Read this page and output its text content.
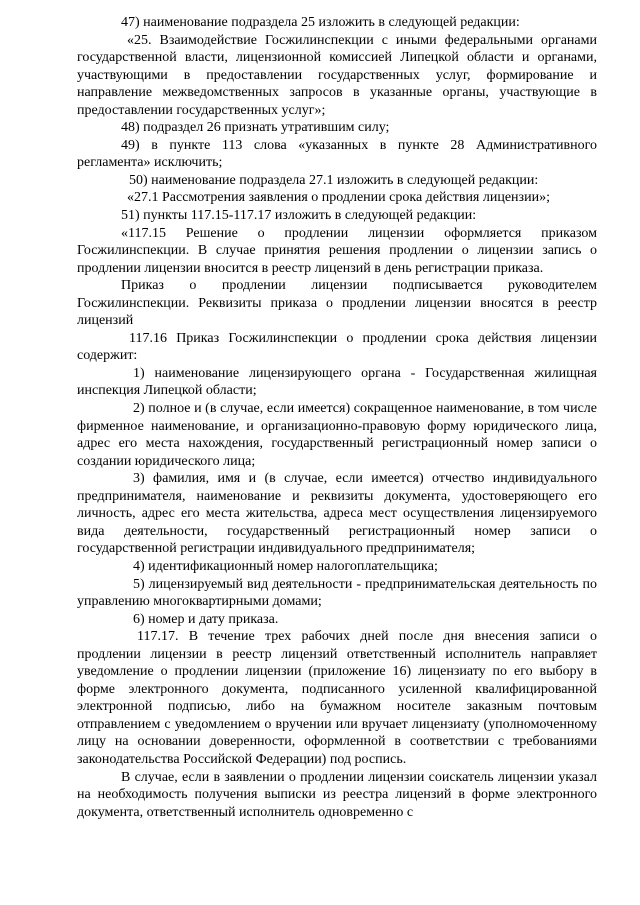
47) наименование подраздела 25 изложить в следующей редакции:

«25. Взаимодействие Госжилинспекции с иными федеральными органами государственной власти, лицензионной комиссией Липецкой области и органами, участвующими в предоставлении государственных услуг, формирование и направление межведомственных запросов в указанные органы, участвующие в предоставлении государственных услуг»;

48) подраздел 26 признать утратившим силу;

49) в пункте 113 слова «указанных в пункте 28 Административного регламента» исключить;

50) наименование подраздела 27.1 изложить в следующей редакции:

«27.1 Рассмотрения заявления о продлении срока действия лицензии»;

51) пункты 117.15-117.17 изложить в следующей редакции:

«117.15 Решение о продлении лицензии оформляется приказом Госжилинспекции. В случае принятия решения продлении о лицензии запись о продлении лицензии вносится в реестр лицензий в день регистрации приказа.

Приказ о продлении лицензии подписывается руководителем Госжилинспекции. Реквизиты приказа о продлении лицензии вносятся в реестр лицензий

117.16 Приказ Госжилинспекции о продлении срока действия лицензии содержит:

1) наименование лицензирующего органа - Государственная жилищная инспекция Липецкой области;

2) полное и (в случае, если имеется) сокращенное наименование, в том числе фирменное наименование, и организационно-правовую форму юридического лица, адрес его места нахождения, государственный регистрационный номер записи о создании юридического лица;

3) фамилия, имя и (в случае, если имеется) отчество индивидуального предпринимателя, наименование и реквизиты документа, удостоверяющего его личность, адрес его места жительства, адреса мест осуществления лицензируемого вида деятельности, государственный регистрационный номер записи о государственной регистрации индивидуального предпринимателя;

4) идентификационный номер налогоплательщика;

5) лицензируемый вид деятельности - предпринимательская деятельность по управлению многоквартирными домами;

6) номер и дату приказа.

117.17. В течение трех рабочих дней после дня внесения записи о продлении лицензии в реестр лицензий ответственный исполнитель направляет уведомление о продлении лицензии (приложение 16) лицензиату по его выбору в форме электронного документа, подписанного усиленной квалифицированной электронной подписью, либо на бумажном носителе заказным почтовым отправлением с уведомлением о вручении или вручает лицензиату (уполномоченному лицу на основании доверенности, оформленной в соответствии с требованиями законодательства Российской Федерации) под роспись.

В случае, если в заявлении о продлении лицензии соискатель лицензии указал на необходимость получения выписки из реестра лицензий в форме электронного документа, ответственный исполнитель одновременно с
